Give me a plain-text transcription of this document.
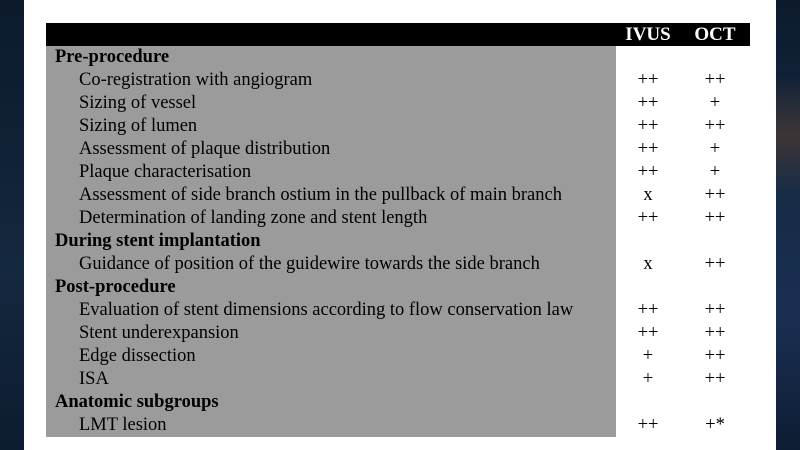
	IVUS	OCT
Pre-procedure		
Co-registration with angiogram	++	++
Sizing of vessel	++	+
Sizing of lumen	++	++
Assessment of plaque distribution	++	+
Plaque characterisation	++	+
Assessment of side branch ostium in the pullback of main branch	x	++
Determination of landing zone and stent length	++	++
During stent implantation		
Guidance of position of the guidewire towards the side branch	x	++
Post-procedure		
Evaluation of stent dimensions according to flow conservation law	++	++
Stent underexpansion	++	++
Edge dissection	+	++
ISA	+	++
Anatomic subgroups		
LMT lesion	++	+*
